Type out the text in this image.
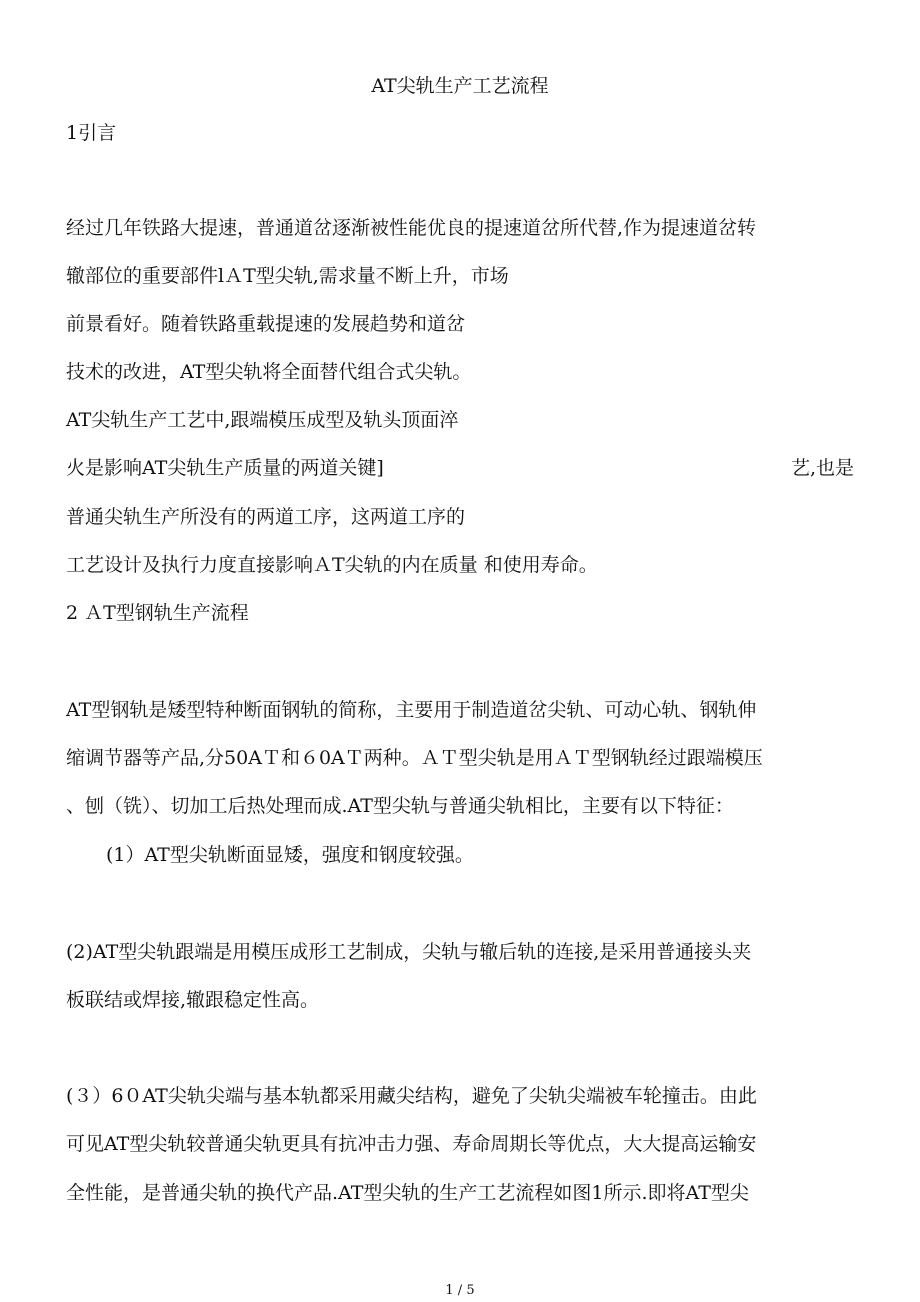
AT尖轨生产工艺流程
1引言
经过几年铁路大提速，普通道岔逐渐被性能优良的提速道岔所代替,作为提速道岔转
辙部位的重要部件lＡT型尖轨,需求量不断上升，市场
前景看好。随着铁路重载提速的发展趋势和道岔
技术的改进，AT型尖轨将全面替代组合式尖轨。
AT尖轨生产工艺中,跟端模压成型及轨头顶面淬
火是影响AT尖轨生产质量的两道关键]	艺,也是
普通尖轨生产所没有的两道工序，这两道工序的
工艺设计及执行力度直接影响ＡT尖轨的内在质量 和使用寿命。
2 ＡT型钢轨生产流程
AT型钢轨是矮型特种断面钢轨的简称，主要用于制造道岔尖轨、可动心轨、钢轨伸
缩调节器等产品,分50AＴ和６0AＴ两种。ＡＴ型尖轨是用ＡＴ型钢轨经过跟端模压
、刨（铣）、切加工后热处理而成.AT型尖轨与普通尖轨相比，主要有以下特征：
(1）AT型尖轨断面显矮，强度和钢度较强。
(2)AT型尖轨跟端是用模压成形工艺制成，尖轨与辙后轨的连接,是采用普通接头夹
板联结或焊接,辙跟稳定性高。
(３）6０AT尖轨尖端与基本轨都采用藏尖结构，避免了尖轨尖端被车轮撞击。由此
可见AT型尖轨较普通尖轨更具有抗冲击力强、寿命周期长等优点，大大提高运输安
全性能，是普通尖轨的换代产品.AT型尖轨的生产工艺流程如图1所示.即将AT型尖
1 / 5
